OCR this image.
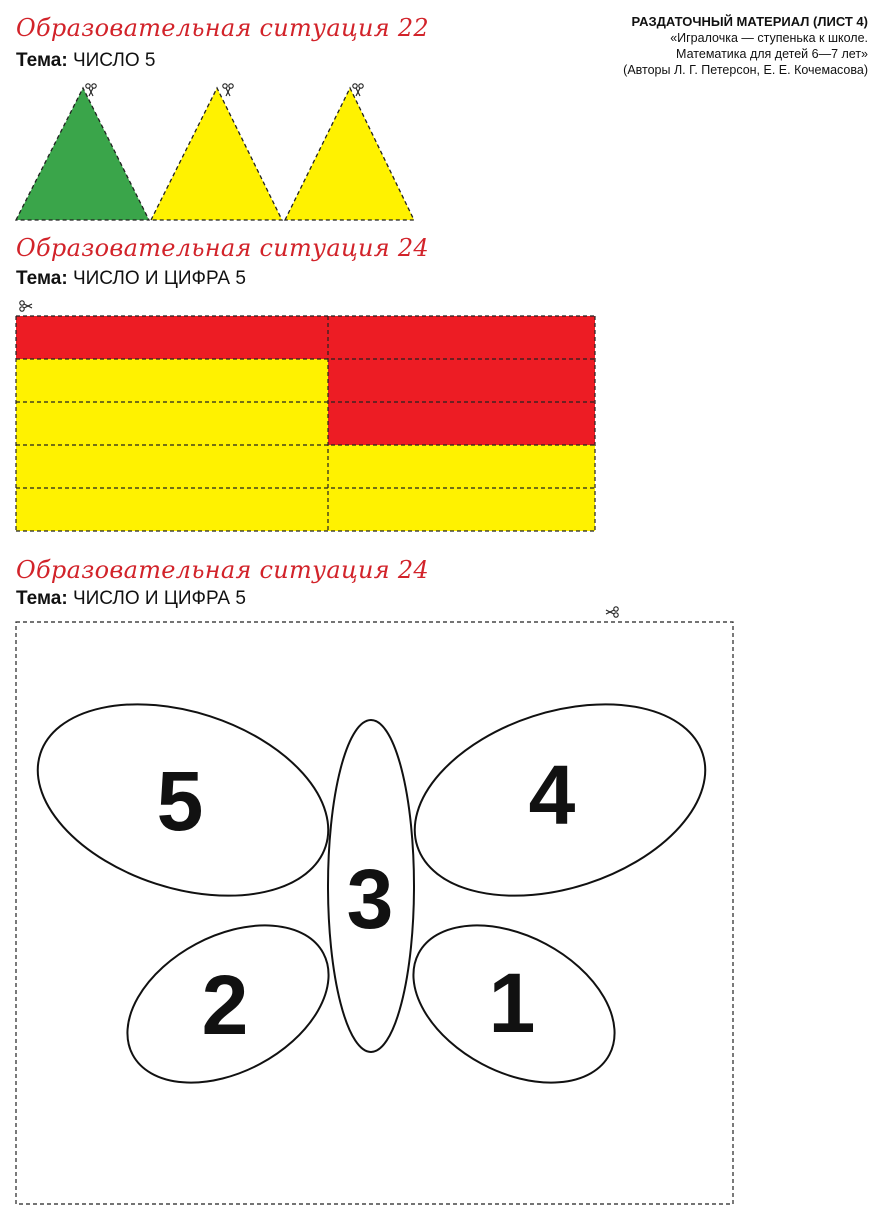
РАЗДАТОЧНЫЙ МАТЕРИАЛ (ЛИСТ 4)
«Игралочка — ступенька к школе.
Математика для детей 6—7 лет»
(Авторы Л. Г. Петерсон, Е. Е. Кочемасова)
Образовательная ситуация 22
Тема: ЧИСЛО 5
Образовательная ситуация 24
Тема: ЧИСЛО И ЦИФРА 5
Образовательная ситуация 24
Тема: ЧИСЛО И ЦИФРА 5
5	4
3
2	1
